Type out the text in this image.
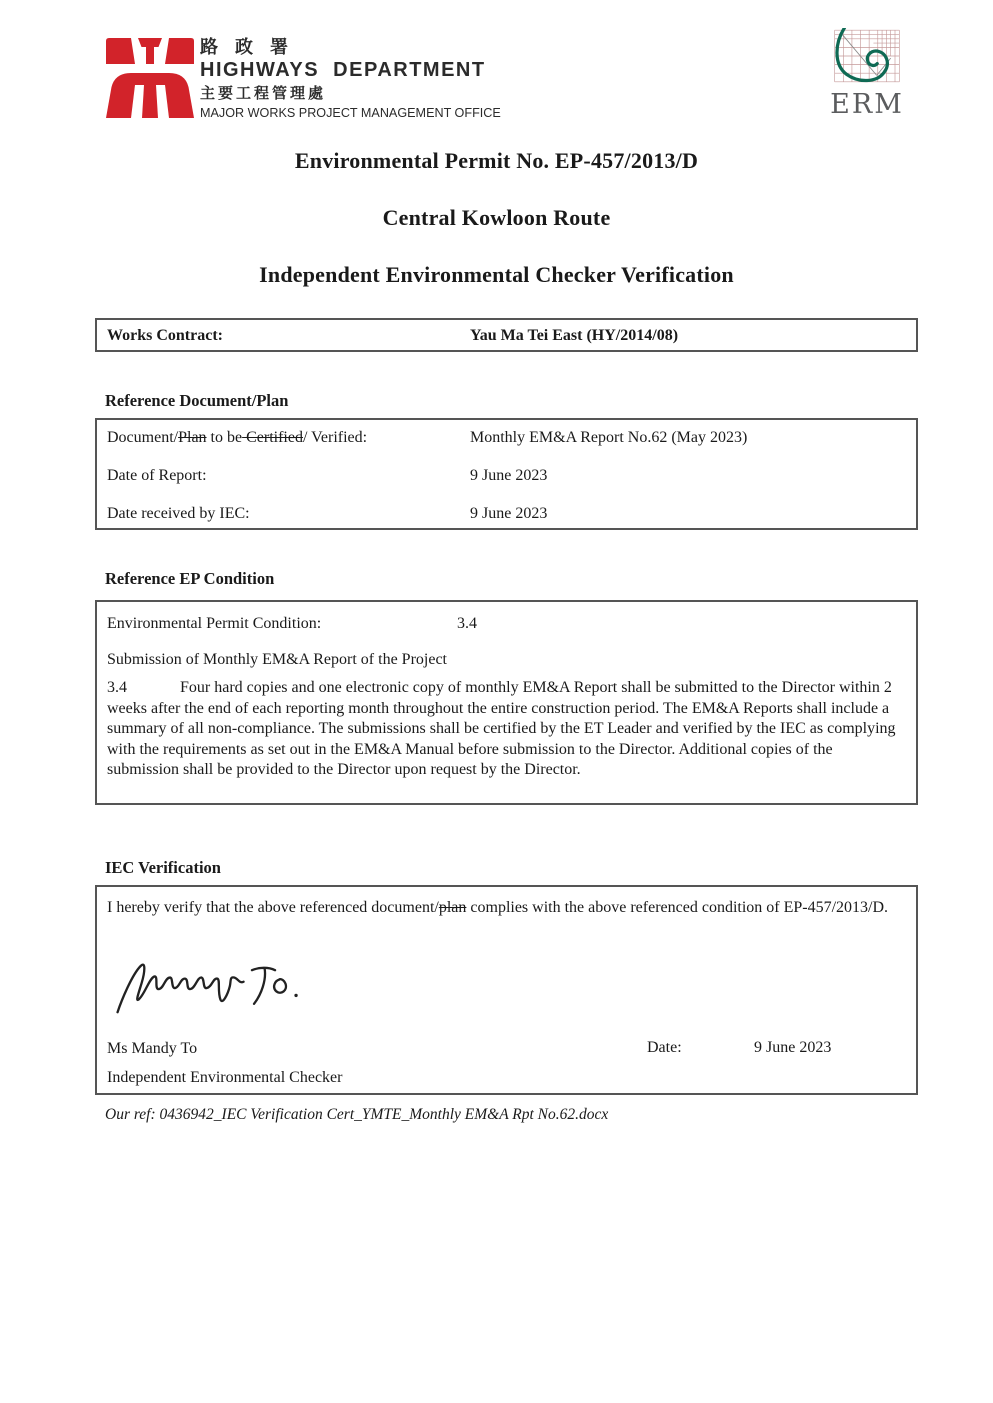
路 政 署
HIGHWAYS  DEPARTMENT
主要工程管理處
MAJOR WORKS PROJECT MANAGEMENT OFFICE	ERM
Environmental Permit No. EP-457/2013/D
Central Kowloon Route
Independent Environmental Checker Verification
Works Contract:	Yau Ma Tei East (HY/2014/08)
Reference Document/Plan
Document/Plan to be Certified/ Verified:	Monthly EM&A Report No.62 (May 2023)
Date of Report:	9 June 2023
Date received by IEC:	9 June 2023
Reference EP Condition
Environmental Permit Condition:	3.4
Submission of Monthly EM&A Report of the Project

3.4	Four hard copies and one electronic copy of monthly EM&A Report shall be submitted to the Director within 2 weeks after the end of each reporting month throughout the entire construction period. The EM&A Reports shall include a summary of all non-compliance. The submissions shall be certified by the ET Leader and verified by the IEC as complying with the requirements as set out in the EM&A Manual before submission to the Director. Additional copies of the submission shall be provided to the Director upon request by the Director.

IEC Verification

I hereby verify that the above referenced document/plan complies with the above referenced condition of EP-457/2013/D.

Ms Mandy To	Date:	9 June 2023
Independent Environmental Checker
Our ref: 0436942_IEC Verification Cert_YMTE_Monthly EM&A Rpt No.62.docx
